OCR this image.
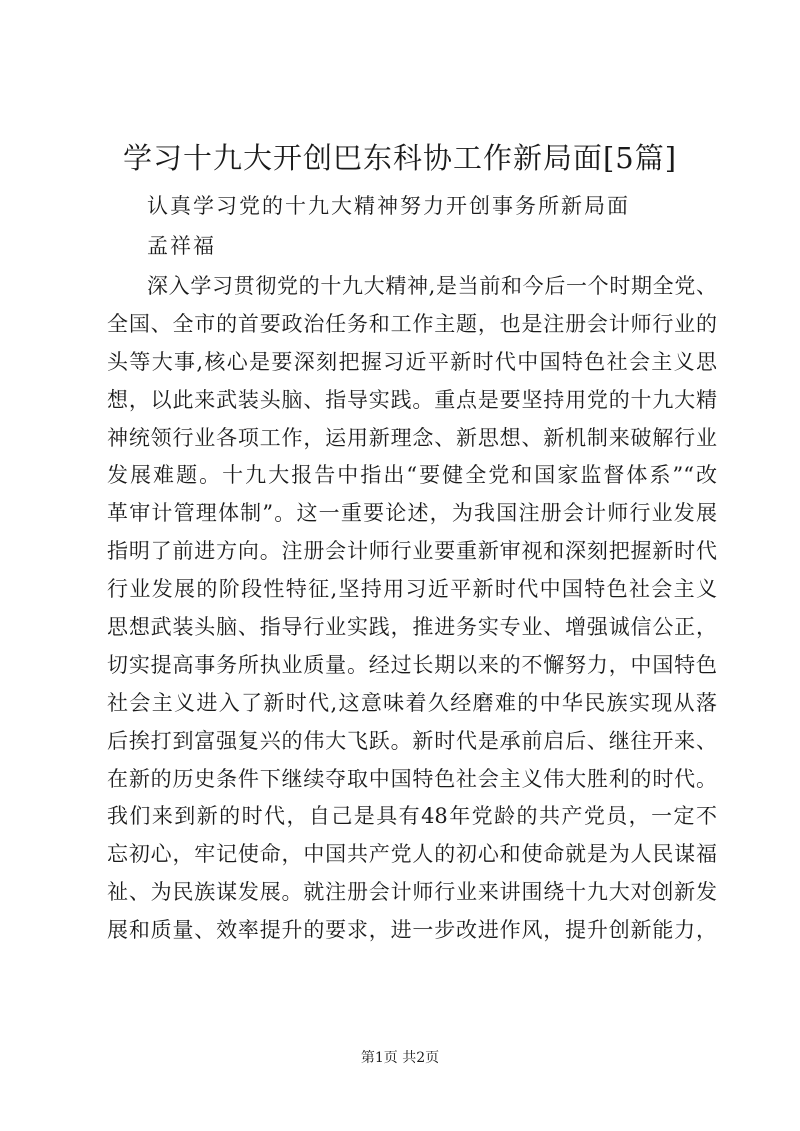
学习十九大开创巴东科协工作新局面[5篇]

认真学习党的十九大精神努力开创事务所新局面

孟祥福

深入学习贯彻党的十九大精神,是当前和今后一个时期全党、
全国、全市的首要政治任务和工作主题，也是注册会计师行业的
头等大事,核心是要深刻把握习近平新时代中国特色社会主义思
想，以此来武装头脑、指导实践。重点是要坚持用党的十九大精
神统领行业各项工作，运用新理念、新思想、新机制来破解行业
发展难题。十九大报告中指出“要健全党和国家监督体系”“改
革审计管理体制”。这一重要论述，为我国注册会计师行业发展
指明了前进方向。注册会计师行业要重新审视和深刻把握新时代
行业发展的阶段性特征,坚持用习近平新时代中国特色社会主义
思想武装头脑、指导行业实践，推进务实专业、增强诚信公正，
切实提高事务所执业质量。经过长期以来的不懈努力，中国特色
社会主义进入了新时代,这意味着久经磨难的中华民族实现从落
后挨打到富强复兴的伟大飞跃。新时代是承前启后、继往开来、
在新的历史条件下继续夺取中国特色社会主义伟大胜利的时代。
我们来到新的时代，自己是具有48年党龄的共产党员，一定不
忘初心，牢记使命，中国共产党人的初心和使命就是为人民谋福
祉、为民族谋发展。就注册会计师行业来讲围绕十九大对创新发
展和质量、效率提升的要求，进一步改进作风，提升创新能力，
第1页 共2页
